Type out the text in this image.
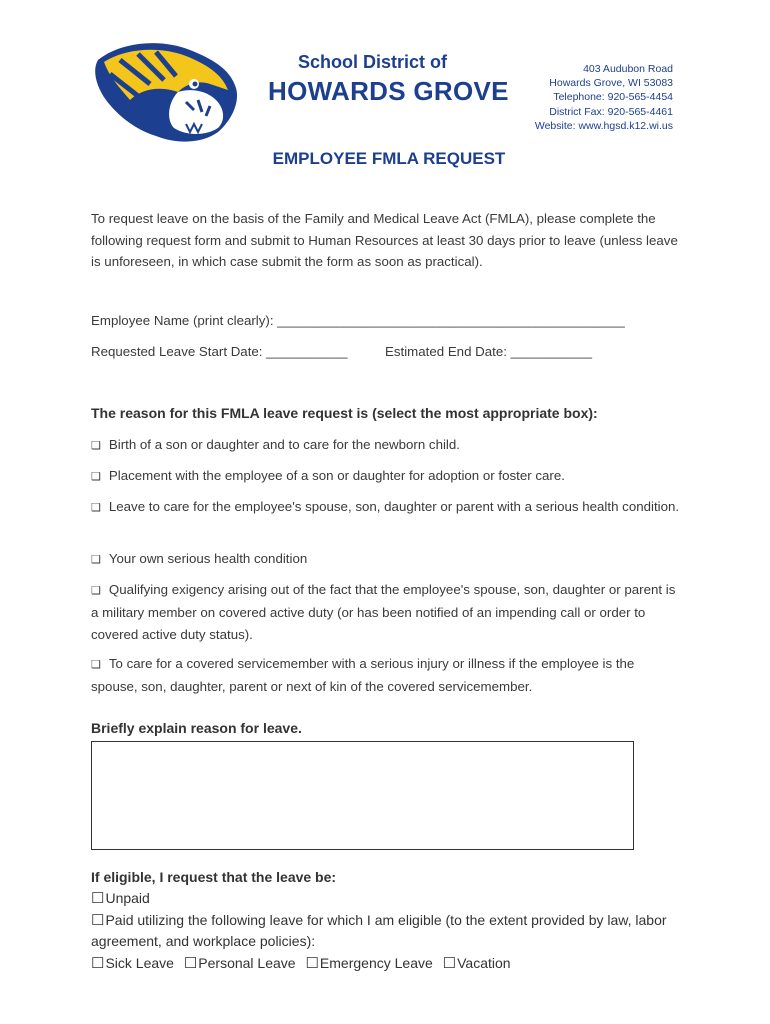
School District of
HOWARDS GROVE
403 Audubon Road
Howards Grove, WI 53083
Telephone: 920-565-4454
District Fax: 920-565-4461
Website: www.hgsd.k12.wi.us
EMPLOYEE FMLA REQUEST
To request leave on the basis of the Family and Medical Leave Act (FMLA), please complete the following request form and submit to Human Resources at least 30 days prior to leave (unless leave is unforeseen, in which case submit the form as soon as practical).
Employee Name (print clearly): _______________________________________________
Requested Leave Start Date: ___________	Estimated End Date: ___________
The reason for this FMLA leave request is (select the most appropriate box):
❑ Birth of a son or daughter and to care for the newborn child.
❑ Placement with the employee of a son or daughter for adoption or foster care.
❑ Leave to care for the employee's spouse, son, daughter or parent with a serious health condition.
❑ Your own serious health condition
❑ Qualifying exigency arising out of the fact that the employee's spouse, son, daughter or parent is a military member on covered active duty (or has been notified of an impending call or order to covered active duty status).
❑ To care for a covered servicemember with a serious injury or illness if the employee is the spouse, son, daughter, parent or next of kin of the covered servicemember.
Briefly explain reason for leave.
If eligible, I request that the leave be:
☐Unpaid
☐Paid utilizing the following leave for which I am eligible (to the extent provided by law, labor agreement, and workplace policies):
☐Sick Leave ☐Personal Leave ☐Emergency Leave ☐Vacation
